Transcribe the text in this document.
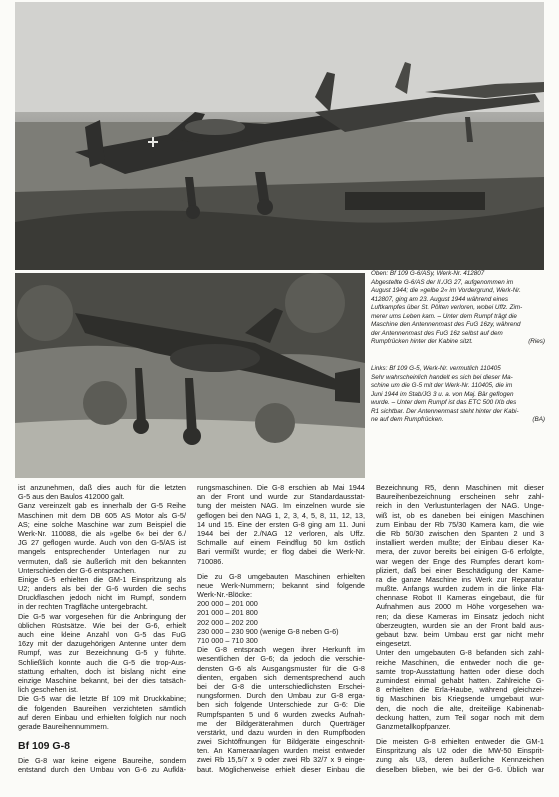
Oben: Bf 109 G-6/ASy, Werk-Nr. 412807
Abgestellte G-6/AS der II./JG 27, aufgenommen im
August 1944; die »gelbe 2« im Vordergrund, Werk-Nr.
412807, ging am 23. August 1944 während eines
Luftkampfes über St. Pölten verloren, wobei Uffz. Zim-
merer ums Leben kam. – Unter dem Rumpf trägt die
Maschine den Antennenmast des FuG 16zy, während
der Antennenmast des FuG 16z selbst auf dem
Rumpfrücken hinter der Kabine sitzt.	(Ries)
Links: Bf 109 G-5, Werk-Nr. vermutlich 110405
Sehr wahrscheinlich handelt es sich bei dieser Ma-
schine um die G-5 mit der Werk-Nr. 110405, die im
Juni 1944 im Stab/JG 3 u. a. von Maj. Bär geflogen
wurde. – Unter dem Rumpf ist das ETC 500 IXb des
R1 sichtbar. Der Antennenmast steht hinter der Kabi-
ne auf dem Rumpfrücken.	(BA)
ist anzunehmen, daß dies auch für die letzten
G-5 aus den Baulos 412000 galt.
Ganz vereinzelt gab es innerhalb der G-5 Reihe
Maschinen mit dem DB 605 AS Motor als G-5/
AS; eine solche Maschine war zum Beispiel die
Werk-Nr. 110088, die als »gelbe 6« bei der 6./
JG 27 geflogen wurde. Auch von den G-5/AS ist
mangels entsprechender Unterlagen nur zu
vermuten, daß sie äußerlich mit den bekannten
Unterschieden der G-6 entsprachen.
Einige G-5 erhielten die GM-1 Einspritzung als
U2; anders als bei der G-6 wurden die sechs
Druckflaschen jedoch nicht im Rumpf, sondern
in der rechten Tragfläche untergebracht.
Die G-5 war vorgesehen für die Anbringung der
üblichen Rüstsätze. Wie bei der G-6, erhielt
auch eine kleine Anzahl von G-5 das FuG
16zy mit der dazugehörigen Antenne unter dem
Rumpf, was zur Bezeichnung G-5 y führte.
Schließlich konnte auch die G-5 die trop-Aus-
stattung erhalten, doch ist bislang nicht eine
einzige Maschine bekannt, bei der dies tatsäch-
lich geschehen ist.
Die G-5 war die letzte Bf 109 mit Druckkabine;
die folgenden Baureihen verzichteten sämtlich
auf deren Einbau und erhielten folglich nur noch
gerade Baureihennummern.
Bf 109 G-8
Die G-8 war keine eigene Baureihe, sondern
entstand durch den Umbau von G-6 zu Aufklä-
rungsmaschinen. Die G-8 erschien ab Mai 1944
an der Front und wurde zur Standardausstat-
tung der meisten NAG. Im einzelnen wurde sie
geflogen bei den NAG 1, 2, 3, 4, 5, 8, 11, 12, 13,
14 und 15. Eine der ersten G-8 ging am 11. Juni
1944 bei der 2./NAG 12 verloren, als Uffz.
Schmalle auf einem Feindflug 50 km östlich
Bari vermißt wurde; er flog dabei die Werk-Nr.
710086.
Die zu G-8 umgebauten Maschinen erhielten
neue Werk-Nummern; bekannt sind folgende
Werk-Nr.-Blöcke:
200 000 – 201 000
201 000 – 201 800
202 000 – 202 200
230 000 – 230 900 (wenige G-8 neben G-6)
710 000 – 710 300
Die G-8 entsprach wegen ihrer Herkunft im
wesentlichen der G-6; da jedoch die verschie-
densten G-6 als Ausgangsmuster für die G-8
dienten, ergaben sich dementsprechend auch
bei der G-8 die unterschiedlichsten Erschei-
nungsformen. Durch den Umbau zur G-8 erga-
ben sich folgende Unterschiede zur G-6: Die
Rumpfspanten 5 und 6 wurden zwecks Aufnah-
me der Bildgeräterahmen durch Querträger
verstärkt, und dazu wurden in den Rumpfboden
zwei Sichtöffnungen für Bildgeräte eingeschnit-
ten. An Kameraanlagen wurden meist entweder
zwei Rb 15,5/7 x 9 oder zwei Rb 32/7 x 9 einge-
baut. Möglicherweise erhielt dieser Einbau die
Bezeichnung R5, denn Maschinen mit dieser
Baureihenbezeichnung erscheinen sehr zahl-
reich in den Verlustunterlagen der NAG. Unge-
wiß ist, ob es daneben bei einigen Maschinen
zum Einbau der Rb 75/30 Kamera kam, die wie
die Rb 50/30 zwischen den Spanten 2 und 3
installiert werden mußte; der Einbau dieser Ka-
mera, der zuvor bereits bei einigen G-6 erfolgte,
war wegen der Enge des Rumpfes derart kom-
pliziert, daß bei einer Beschädigung der Kame-
ra die ganze Maschine ins Werk zur Reparatur
mußte. Anfangs wurden zudem in die linke Flä-
chennase Robot II Kameras eingebaut, die für
Aufnahmen aus 2000 m Höhe vorgesehen wa-
ren; da diese Kameras im Einsatz jedoch nicht
überzeugten, wurden sie an der Front bald aus-
gebaut bzw. beim Umbau erst gar nicht mehr
eingesetzt.
Unter den umgebauten G-8 befanden sich zahl-
reiche Maschinen, die entweder noch die ge-
samte trop-Ausstattung hatten oder diese doch
zumindest einmal gehabt hatten. Zahlreiche G-
8 erhielten die Erla-Haube, während gleichzei-
tig Maschinen bis Kriegsende umgebaut wur-
den, die noch die alte, dreiteilige Kabinenab-
deckung hatten, zum Teil sogar noch mit dem
Ganzmetallkopfpanzer.
Die meisten G-8 erhielten entweder die GM-1
Einspritzung als U2 oder die MW-50 Einsprit-
zung als U3, deren äußerliche Kennzeichen
dieselben blieben, wie bei der G-6. Üblich war
